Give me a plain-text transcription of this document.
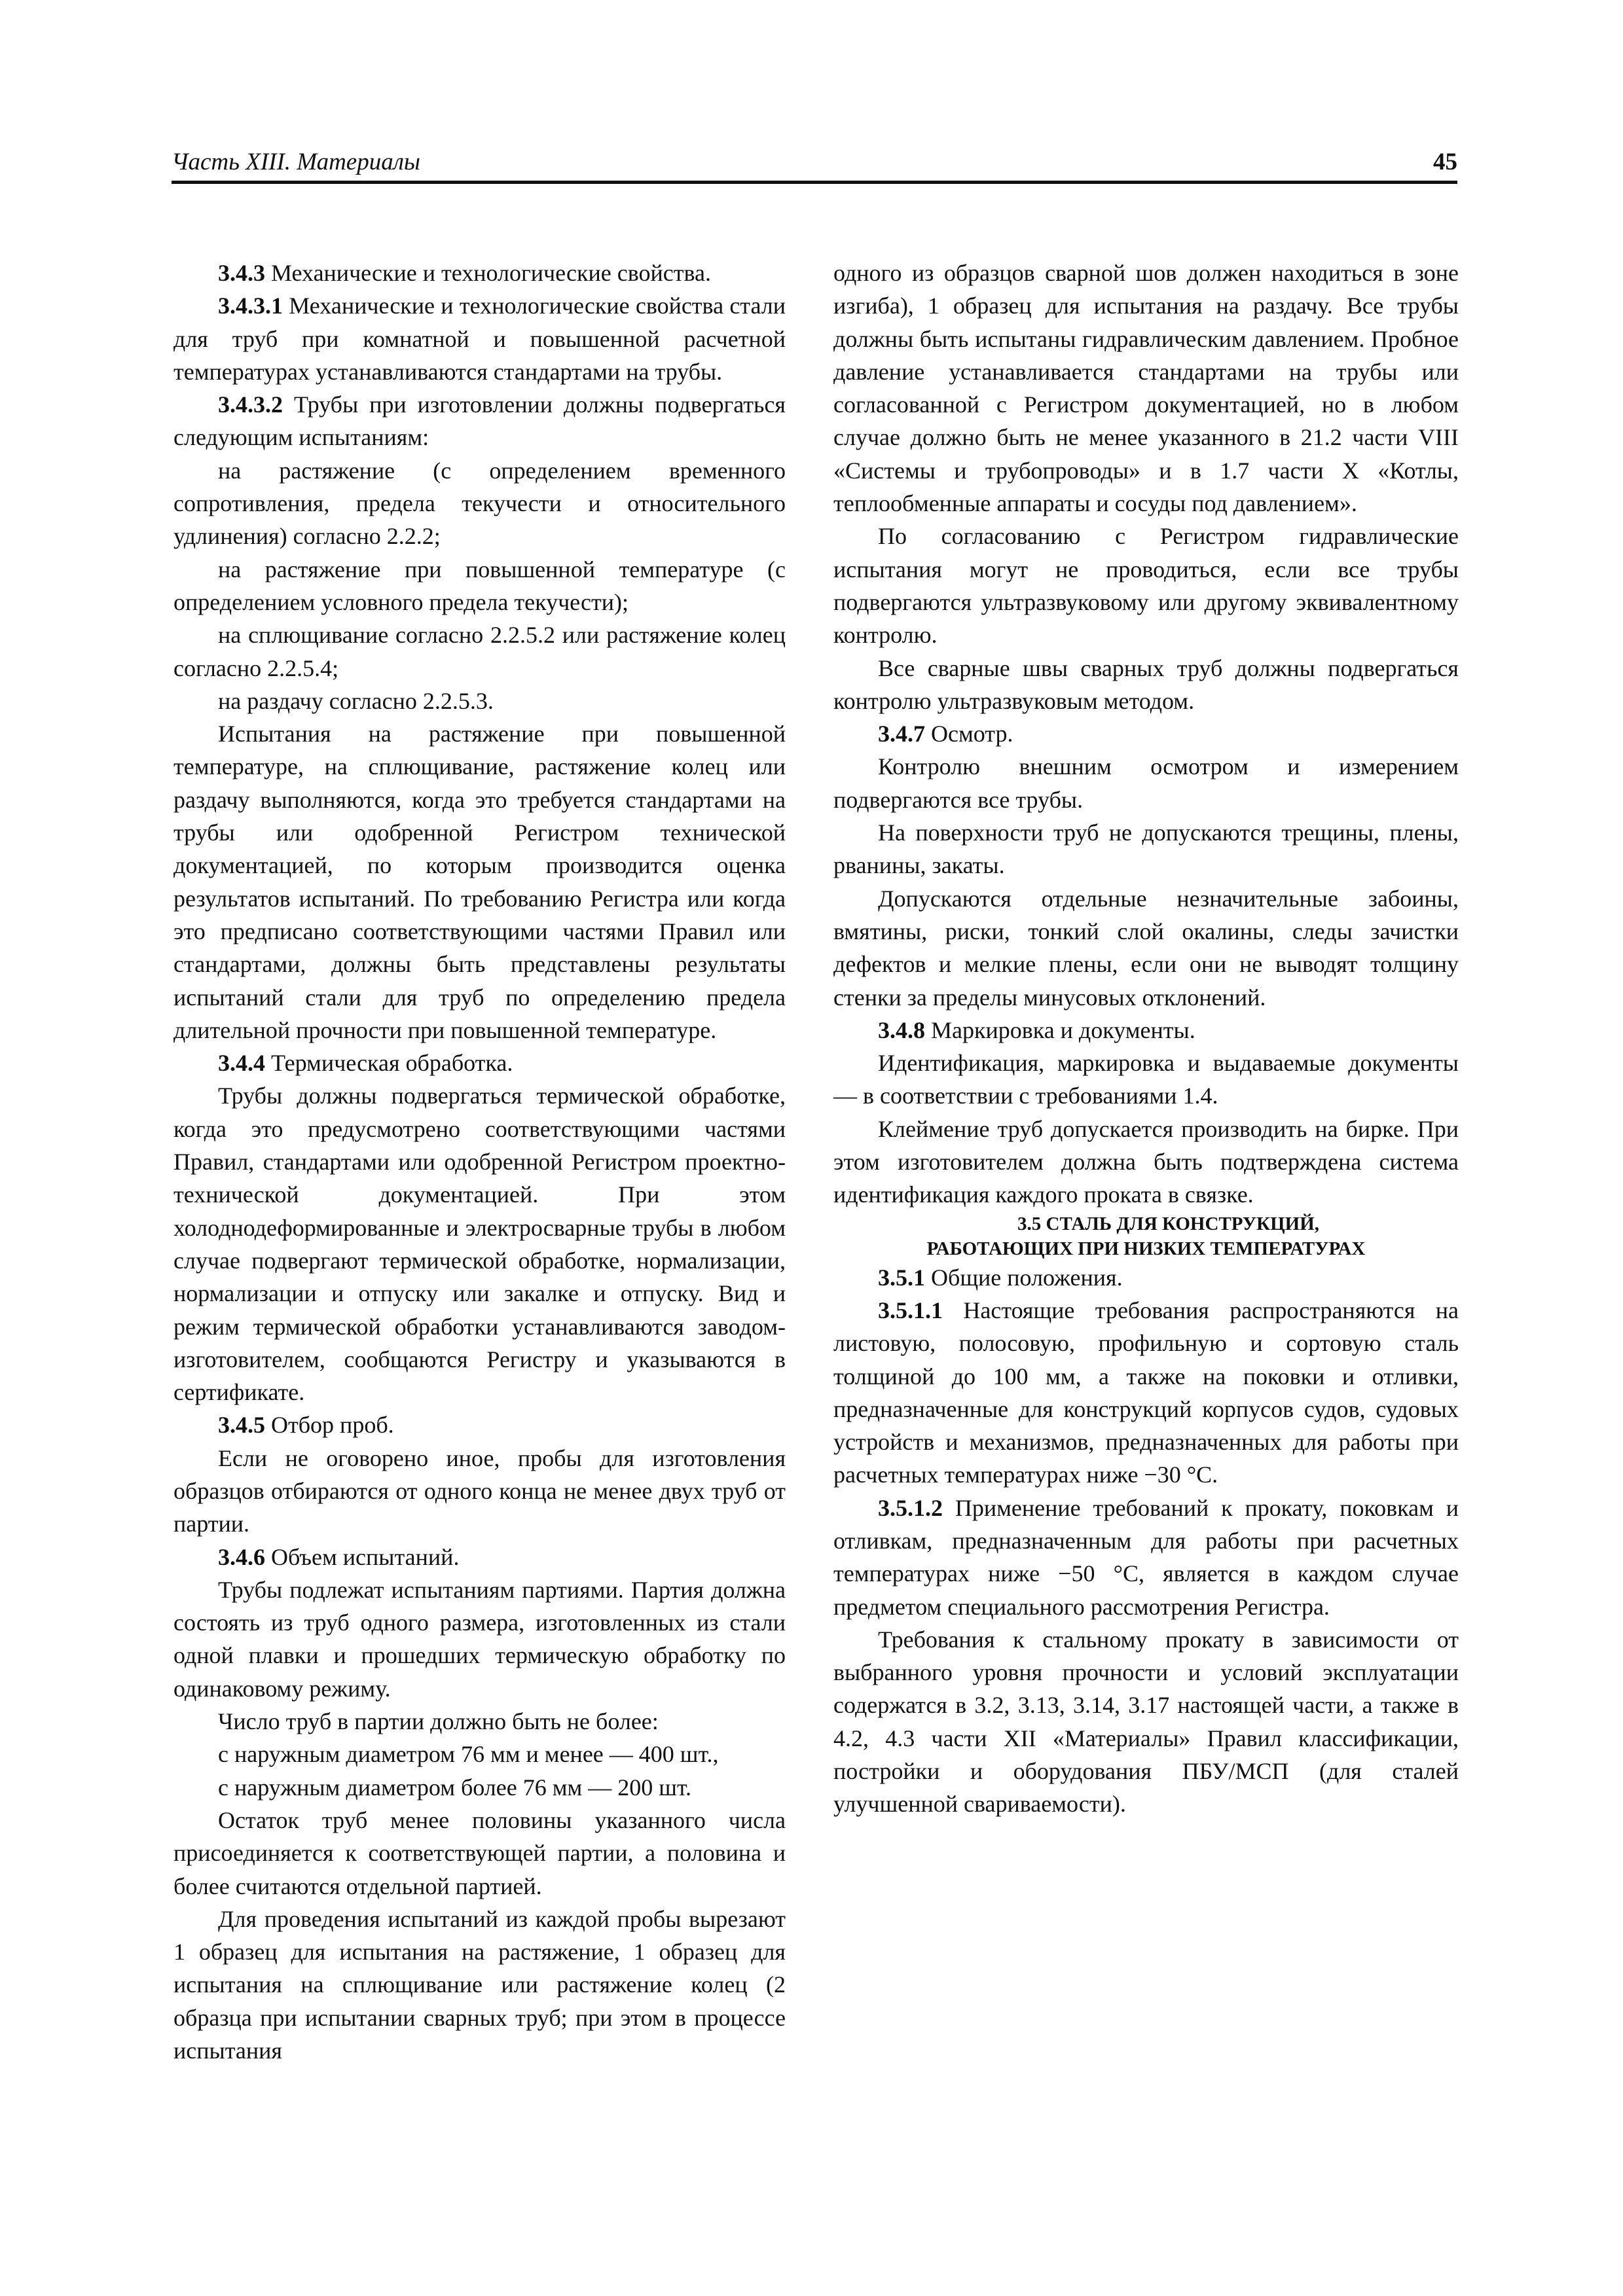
Часть XIII. Материалы	45

3.4.3 Механические и технологические свойства.

3.4.3.1 Механические и технологические свойства стали для труб при комнатной и повышенной расчетной температурах устанавливаются стандартами на трубы.

3.4.3.2 Трубы при изготовлении должны подвергаться следующим испытаниям:

на растяжение (с определением временного сопротивления, предела текучести и относительного удлинения) согласно 2.2.2;

на растяжение при повышенной температуре (с определением условного предела текучести);

на сплющивание согласно 2.2.5.2 или растяжение колец согласно 2.2.5.4;

на раздачу согласно 2.2.5.3.

Испытания на растяжение при повышенной температуре, на сплющивание, растяжение колец или раздачу выполняются, когда это требуется стандартами на трубы или одобренной Регистром технической документацией, по которым производится оценка результатов испытаний. По требованию Регистра или когда это предписано соответствующими частями Правил или стандартами, должны быть представлены результаты испытаний стали для труб по определению предела длительной прочности при повышенной температуре.

3.4.4 Термическая обработка.

Трубы должны подвергаться термической обработке, когда это предусмотрено соответствующими частями Правил, стандартами или одобренной Регистром проектно-технической документацией. При этом холоднодеформированные и электросварные трубы в любом случае подвергают термической обработке, нормализации, нормализации и отпуску или закалке и отпуску. Вид и режим термической обработки устанавливаются заводом-изготовителем, сообщаются Регистру и указываются в сертификате.

3.4.5 Отбор проб.

Если не оговорено иное, пробы для изготовления образцов отбираются от одного конца не менее двух труб от партии.

3.4.6 Объем испытаний.

Трубы подлежат испытаниям партиями. Партия должна состоять из труб одного размера, изготовленных из стали одной плавки и прошедших термическую обработку по одинаковому режиму.

Число труб в партии должно быть не более:

с наружным диаметром 76 мм и менее — 400 шт.,

с наружным диаметром более 76 мм — 200 шт.

Остаток труб менее половины указанного числа присоединяется к соответствующей партии, а половина и более считаются отдельной партией.

Для проведения испытаний из каждой пробы вырезают 1 образец для испытания на растяжение, 1 образец для испытания на сплющивание или растяжение колец (2 образца при испытании сварных труб; при этом в процессе испытания

одного из образцов сварной шов должен находиться в зоне изгиба), 1 образец для испытания на раздачу. Все трубы должны быть испытаны гидравлическим давлением. Пробное давление устанавливается стандартами на трубы или согласованной с Регистром документацией, но в любом случае должно быть не менее указанного в 21.2 части VIII «Системы и трубопроводы» и в 1.7 части X «Котлы, теплообменные аппараты и сосуды под давлением».

По согласованию с Регистром гидравлические испытания могут не проводиться, если все трубы подвергаются ультразвуковому или другому эквивалентному контролю.

Все сварные швы сварных труб должны подвергаться контролю ультразвуковым методом.

3.4.7 Осмотр.

Контролю внешним осмотром и измерением подвергаются все трубы.

На поверхности труб не допускаются трещины, плены, рванины, закаты.

Допускаются отдельные незначительные забоины, вмятины, риски, тонкий слой окалины, следы зачистки дефектов и мелкие плены, если они не выводят толщину стенки за пределы минусовых отклонений.

3.4.8 Маркировка и документы.

Идентификация, маркировка и выдаваемые документы — в соответствии с требованиями 1.4.

Клеймение труб допускается производить на бирке. При этом изготовителем должна быть подтверждена система идентификация каждого проката в связке.

3.5 СТАЛЬ ДЛЯ КОНСТРУКЦИЙ,
РАБОТАЮЩИХ ПРИ НИЗКИХ ТЕМПЕРАТУРАХ

3.5.1 Общие положения.

3.5.1.1 Настоящие требования распространяются на листовую, полосовую, профильную и сортовую сталь толщиной до 100 мм, а также на поковки и отливки, предназначенные для конструкций корпусов судов, судовых устройств и механизмов, предназначенных для работы при расчетных температурах ниже −30 °С.

3.5.1.2 Применение требований к прокату, поковкам и отливкам, предназначенным для работы при расчетных температурах ниже −50 °С, является в каждом случае предметом специального рассмотрения Регистра.

Требования к стальному прокату в зависимости от выбранного уровня прочности и условий эксплуатации содержатся в 3.2, 3.13, 3.14, 3.17 настоящей части, а также в 4.2, 4.3 части XII «Материалы» Правил классификации, постройки и оборудования ПБУ/МСП (для сталей улучшенной свариваемости).
